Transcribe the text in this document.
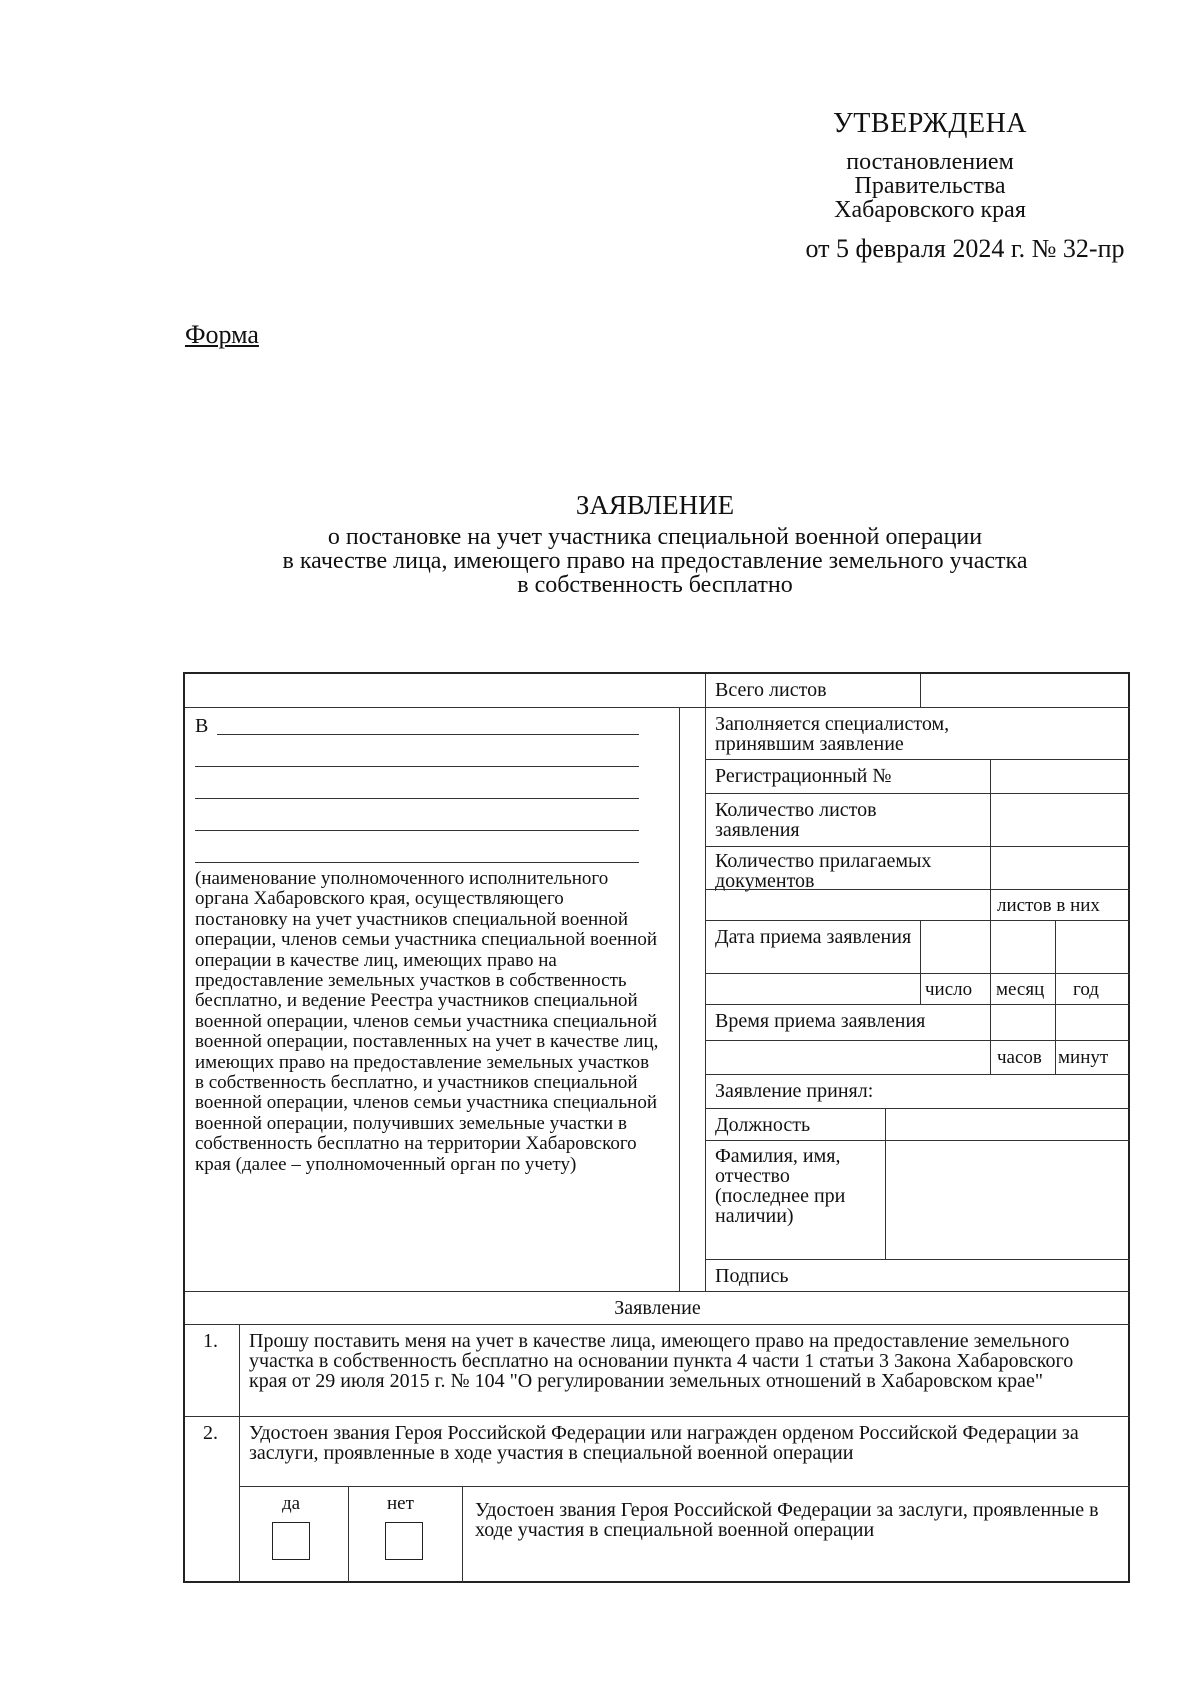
УТВЕРЖДЕНА
постановлением
Правительства
Хабаровского края
от 5 февраля 2024 г. № 32-пр
Форма
ЗАЯВЛЕНИЕ
о постановке на учет участника специальной военной операции
в качестве лица, имеющего право на предоставление земельного участка
в собственность бесплатно
Всего листов
Заполняется специалистом, принявшим заявление
Регистрационный №
Количество листов заявления
Количество прилагаемых документов
листов в них
Дата приема заявления
число месяц год
Время приема заявления
часов минут
Заявление принял:
Должность
Фамилия, имя, отчество (последнее при наличии)
Подпись
В
(наименование уполномоченного исполнительного органа Хабаровского края, осуществляющего постановку на учет участников специальной военной операции, членов семьи участника специальной военной операции в качестве лиц, имеющих право на предоставление земельных участков в собственность бесплатно, и ведение Реестра участников специальной военной операции, членов семьи участника специальной военной операции, поставленных на учет в качестве лиц, имеющих право на предоставление земельных участков в собственность бесплатно, и участников специальной военной операции, членов семьи участника специальной военной операции, получивших земельные участки в собственность бесплатно на территории Хабаровского края (далее – уполномоченный орган по учету)
Заявление
1. Прошу поставить меня на учет в качестве лица, имеющего право на предоставление земельного участка в собственность бесплатно на основании пункта 4 части 1 статьи 3 Закона Хабаровского края от 29 июля 2015 г. № 104 "О регулировании земельных отношений в Хабаровском крае"
2. Удостоен звания Героя Российской Федерации или награжден орденом Российской Федерации за заслуги, проявленные в ходе участия в специальной военной операции
да	нет	Удостоен звания Героя Российской Федерации за заслуги, проявленные в ходе участия в специальной военной операции
